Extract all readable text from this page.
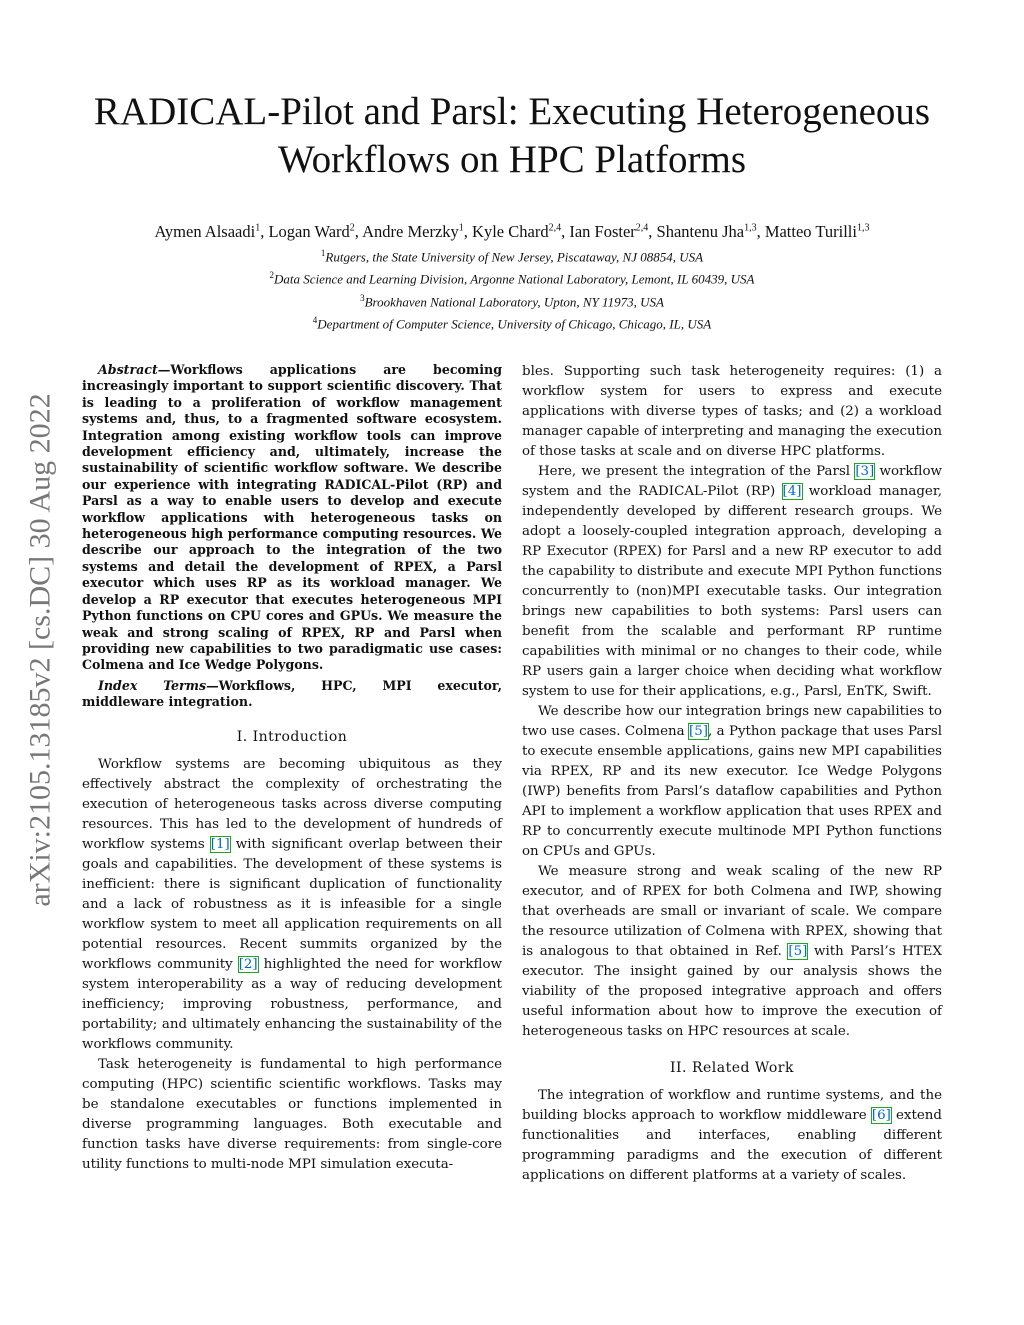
arXiv:2105.13185v2 [cs.DC] 30 Aug 2022
RADICAL-Pilot and Parsl: Executing Heterogeneous
Workflows on HPC Platforms
Aymen Alsaadi$^1$, Logan Ward$^2$, Andre Merzky$^1$, Kyle Chard$^{2,4}$, Ian Foster$^{2,4}$, Shantenu Jha$^{1,3}$, Matteo Turilli$^{1,3}$
$^1$Rutgers, the State University of New Jersey, Piscataway, NJ 08854, USA
$^2$Data Science and Learning Division, Argonne National Laboratory, Lemont, IL 60439, USA
$^3$Brookhaven National Laboratory, Upton, NY 11973, USA
$^4$Department of Computer Science, University of Chicago, Chicago, IL, USA

Abstract—Workflows applications are becoming increasingly important to support scientific discovery. That is leading to a proliferation of workflow management systems and, thus, to a fragmented software ecosystem. Integration among existing workflow tools can improve development efficiency and, ultimately, increase the sustainability of scientific workflow software. We describe our experience with integrating RADICAL-Pilot (RP) and Parsl as a way to enable users to develop and execute workflow applications with heterogeneous tasks on heterogeneous high performance computing resources. We describe our approach to the integration of the two systems and detail the development of RPEX, a Parsl executor which uses RP as its workload manager. We develop a RP executor that executes heterogeneous MPI Python functions on CPU cores and GPUs. We measure the weak and strong scaling of RPEX, RP and Parsl when providing new capabilities to two paradigmatic use cases: Colmena and Ice Wedge Polygons.

Index Terms—Workflows, HPC, MPI executor, middleware integration.

I. Introduction

Workflow systems are becoming ubiquitous as they effectively abstract the complexity of orchestrating the execution of heterogeneous tasks across diverse computing resources. This has led to the development of hundreds of workflow systems [1] with significant overlap between their goals and capabilities. The development of these systems is inefficient: there is significant duplication of functionality and a lack of robustness as it is infeasible for a single workflow system to meet all application requirements on all potential resources. Recent summits organized by the workflows community [2] highlighted the need for workflow system interoperability as a way of reducing development inefficiency; improving robustness, performance, and portability; and ultimately enhancing the sustainability of the workflows community.

Task heterogeneity is fundamental to high performance computing (HPC) scientific scientific workflows. Tasks may be standalone executables or functions implemented in diverse programming languages. Both executable and function tasks have diverse requirements: from single-core utility functions to multi-node MPI simulation executa-

bles. Supporting such task heterogeneity requires: (1) a workflow system for users to express and execute applications with diverse types of tasks; and (2) a workload manager capable of interpreting and managing the execution of those tasks at scale and on diverse HPC platforms.

Here, we present the integration of the Parsl [3] workflow system and the RADICAL-Pilot (RP) [4] workload manager, independently developed by different research groups. We adopt a loosely-coupled integration approach, developing a RP Executor (RPEX) for Parsl and a new RP executor to add the capability to distribute and execute MPI Python functions concurrently to (non)MPI executable tasks. Our integration brings new capabilities to both systems: Parsl users can benefit from the scalable and performant RP runtime capabilities with minimal or no changes to their code, while RP users gain a larger choice when deciding what workflow system to use for their applications, e.g., Parsl, EnTK, Swift.

We describe how our integration brings new capabilities to two use cases. Colmena [5], a Python package that uses Parsl to execute ensemble applications, gains new MPI capabilities via RPEX, RP and its new executor. Ice Wedge Polygons (IWP) benefits from Parsl’s dataflow capabilities and Python API to implement a workflow application that uses RPEX and RP to concurrently execute multinode MPI Python functions on CPUs and GPUs.

We measure strong and weak scaling of the new RP executor, and of RPEX for both Colmena and IWP, showing that overheads are small or invariant of scale. We compare the resource utilization of Colmena with RPEX, showing that is analogous to that obtained in Ref. [5] with Parsl’s HTEX executor. The insight gained by our analysis shows the viability of the proposed integrative approach and offers useful information about how to improve the execution of heterogeneous tasks on HPC resources at scale.

II. Related Work

The integration of workflow and runtime systems, and the building blocks approach to workflow middleware [6] extend functionalities and interfaces, enabling different programming paradigms and the execution of different applications on different platforms at a variety of scales.
